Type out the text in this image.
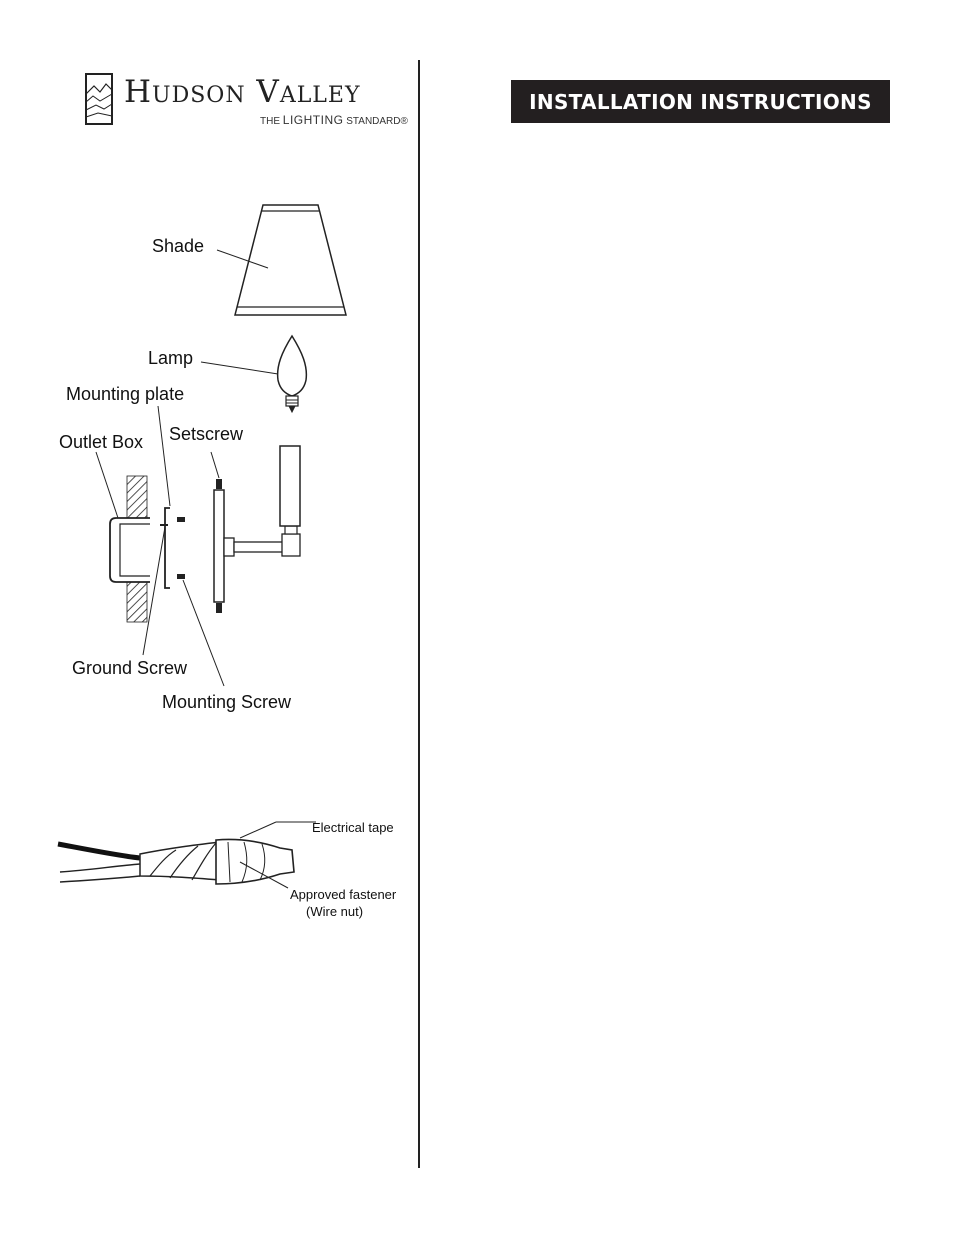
Hudson Valley
THE LIGHTING STANDARD®
INSTALLATION INSTRUCTIONS
Shade
Lamp
Mounting plate
Outlet Box Setscrew
Ground Screw
Mounting Screw
Electrical tape
Approved fastener
(Wire nut)
